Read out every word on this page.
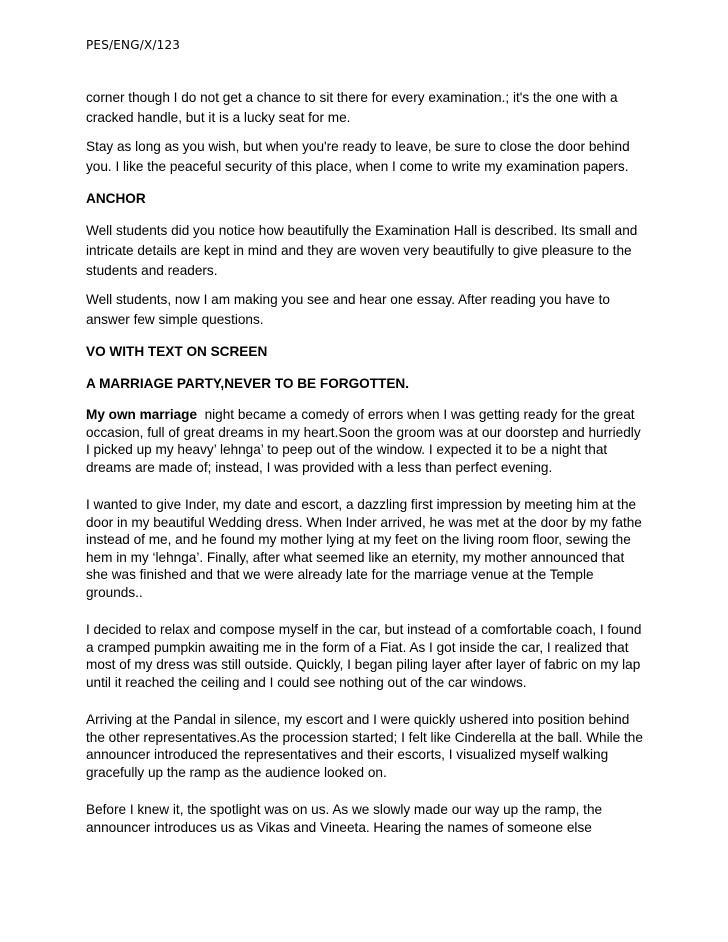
PES/ENG/X/123

corner though I do not get a chance to sit there for every examination.; it's the one with a cracked handle, but it is a lucky seat for me.

Stay as long as you wish, but when you're ready to leave, be sure to close the door behind you. I like the peaceful security of this place, when I come to write my examination papers.

ANCHOR

Well students did you notice how beautifully the Examination Hall is described. Its small and intricate details are kept in mind and they are woven very beautifully to give pleasure to the students and readers.

Well students, now I am making you see and hear one essay. After reading you have to answer few simple questions.

VO WITH TEXT ON SCREEN

A MARRIAGE PARTY,NEVER TO BE FORGOTTEN.

My own marriage  night became a comedy of errors when I was getting ready for the great occasion, full of great dreams in my heart.Soon the groom was at our doorstep and hurriedly I picked up my heavy’ lehnga’ to peep out of the window. I expected it to be a night that dreams are made of; instead, I was provided with a less than perfect evening.

I wanted to give Inder, my date and escort, a dazzling first impression by meeting him at the door in my beautiful Wedding dress. When Inder arrived, he was met at the door by my fathe instead of me, and he found my mother lying at my feet on the living room floor, sewing the hem in my ‘lehnga’. Finally, after what seemed like an eternity, my mother announced that she was finished and that we were already late for the marriage venue at the Temple grounds..

I decided to relax and compose myself in the car, but instead of a comfortable coach, I found a cramped pumpkin awaiting me in the form of a Fiat. As I got inside the car, I realized that most of my dress was still outside. Quickly, I began piling layer after layer of fabric on my lap until it reached the ceiling and I could see nothing out of the car windows.

Arriving at the Pandal in silence, my escort and I were quickly ushered into position behind the other representatives.As the procession started; I felt like Cinderella at the ball. While the announcer introduced the representatives and their escorts, I visualized myself walking gracefully up the ramp as the audience looked on.

Before I knew it, the spotlight was on us. As we slowly made our way up the ramp, the announcer introduces us as Vikas and Vineeta. Hearing the names of someone else
